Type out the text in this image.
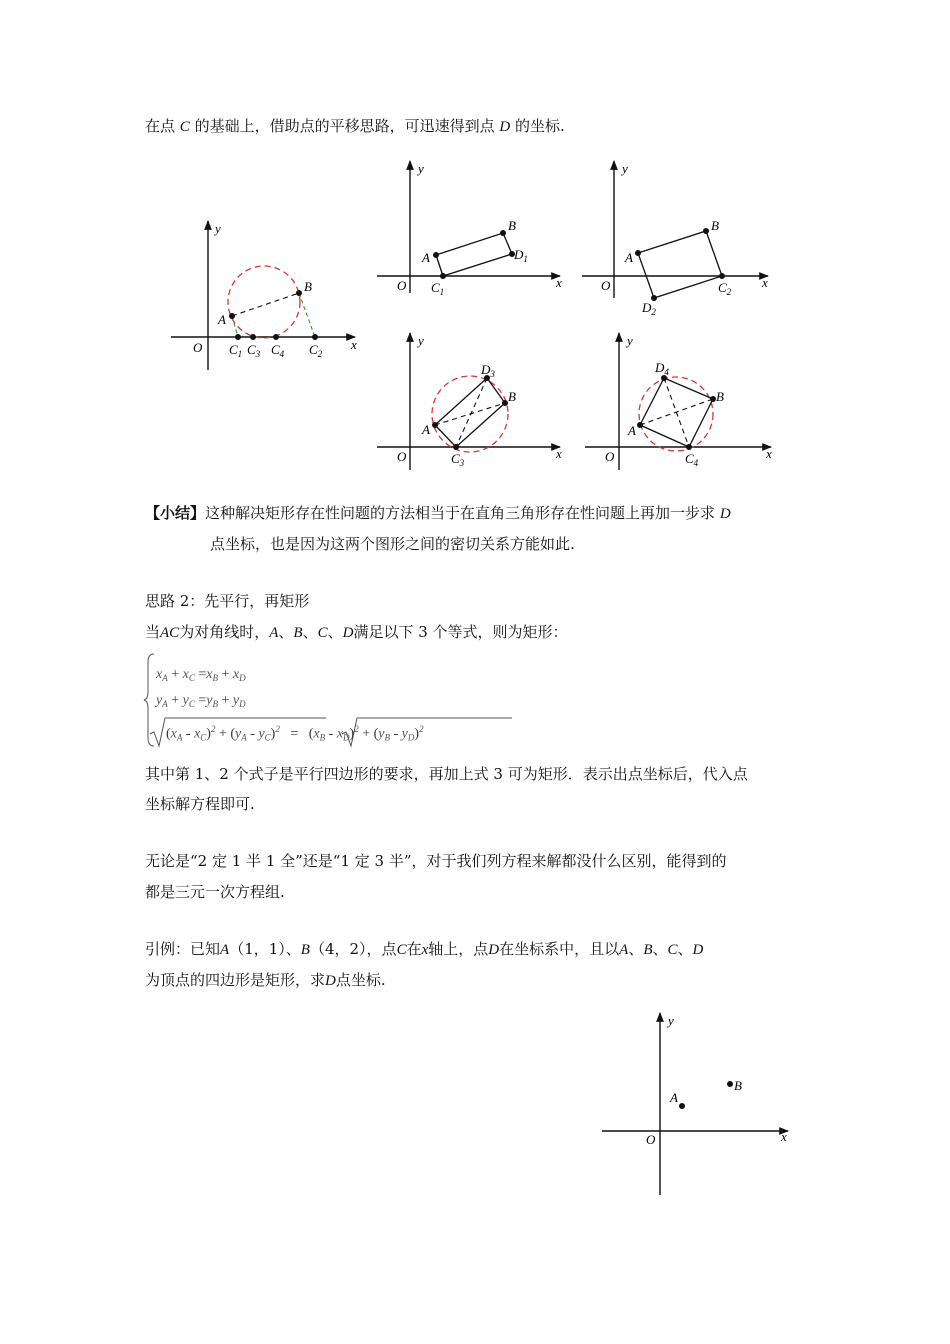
在点 C 的基础上，借助点的平移思路，可迅速得到点 D 的坐标.
y
x
O
A
B
$C_1$ $C_3$ $C_4$ $C_2$
y
x
O
A
B
$D_1$
$C_1$
y
x
O
A
B
$C_2$
$D_2$
y
x
O
A
B
$D_3$
$C_3$
y
x
O
A
B
$D_4$
$C_4$
【小结】这种解决矩形存在性问题的方法相当于在直角三角形存在性问题上再加一步求 D
点坐标，也是因为这两个图形之间的密切关系方能如此.
思路 2：先平行，再矩形
当AC为对角线时，A、B、C、D满足以下 3 个等式，则为矩形：
$x_A + x_C =x_B + x_D$
$y_A + y_C =y_B + y_D$
$(x_A - x_C)^2 + (y_A - y_C)^2 = (x_B - x_D)^2 + (y_B - y_D)^2$
其中第 1、2 个式子是平行四边形的要求，再加上式 3 可为矩形．表示出点坐标后，代入点
坐标解方程即可.
无论是“2 定 1 半 1 全”还是“1 定 3 半”，对于我们列方程来解都没什么区别，能得到的
都是三元一次方程组.
引例：已知A（1，1）、B（4，2），点C在x轴上，点D在坐标系中，且以A、B、C、D
为顶点的四边形是矩形，求D点坐标.
y
x
O
A
B
